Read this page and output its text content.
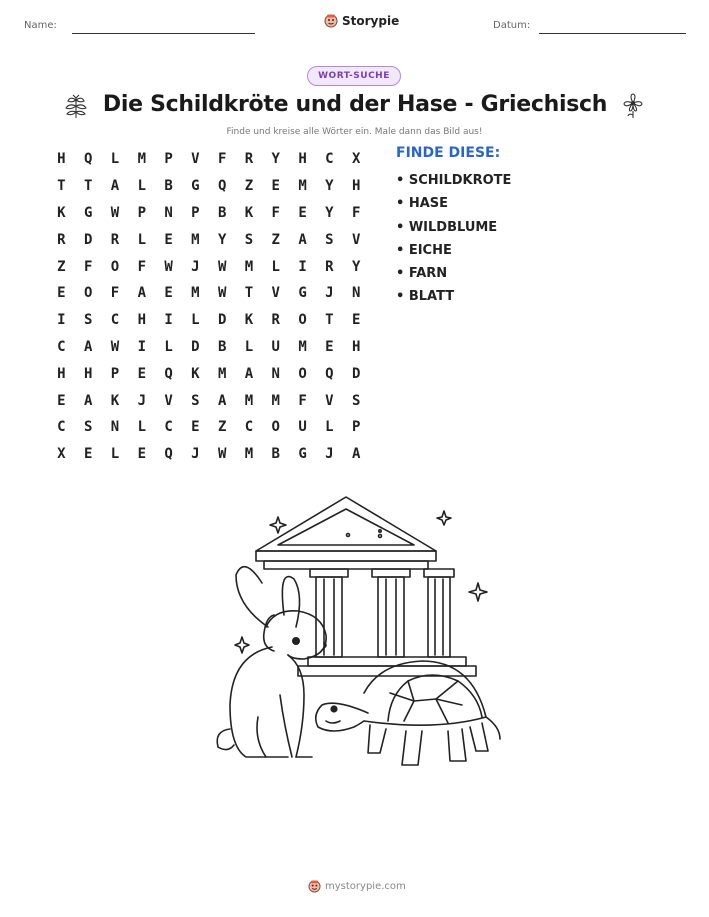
Name:	Storypie	Datum:
WORT-SUCHE
Die Schildkröte und der Hase - Griechisch
Finde und kreise alle Wörter ein. Male dann das Bild aus!
H	Q	L	M	P	V	F	R	Y	H	C	X
T	T	A	L	B	G	Q	Z	E	M	Y	H
K	G	W	P	N	P	B	K	F	E	Y	F
R	D	R	L	E	M	Y	S	Z	A	S	V
Z	F	O	F	W	J	W	M	L	I	R	Y
E	O	F	A	E	M	W	T	V	G	J	N
I	S	C	H	I	L	D	K	R	O	T	E
C	A	W	I	L	D	B	L	U	M	E	H
H	H	P	E	Q	K	M	A	N	O	Q	D
E	A	K	J	V	S	A	M	M	F	V	S
C	S	N	L	C	E	Z	C	O	U	L	P
X	E	L	E	Q	J	W	M	B	G	J	A
FINDE DIESE:
• SCHILDKROTE
• HASE
• WILDBLUME
• EICHE
• FARN
• BLATT
mystorypie.com
